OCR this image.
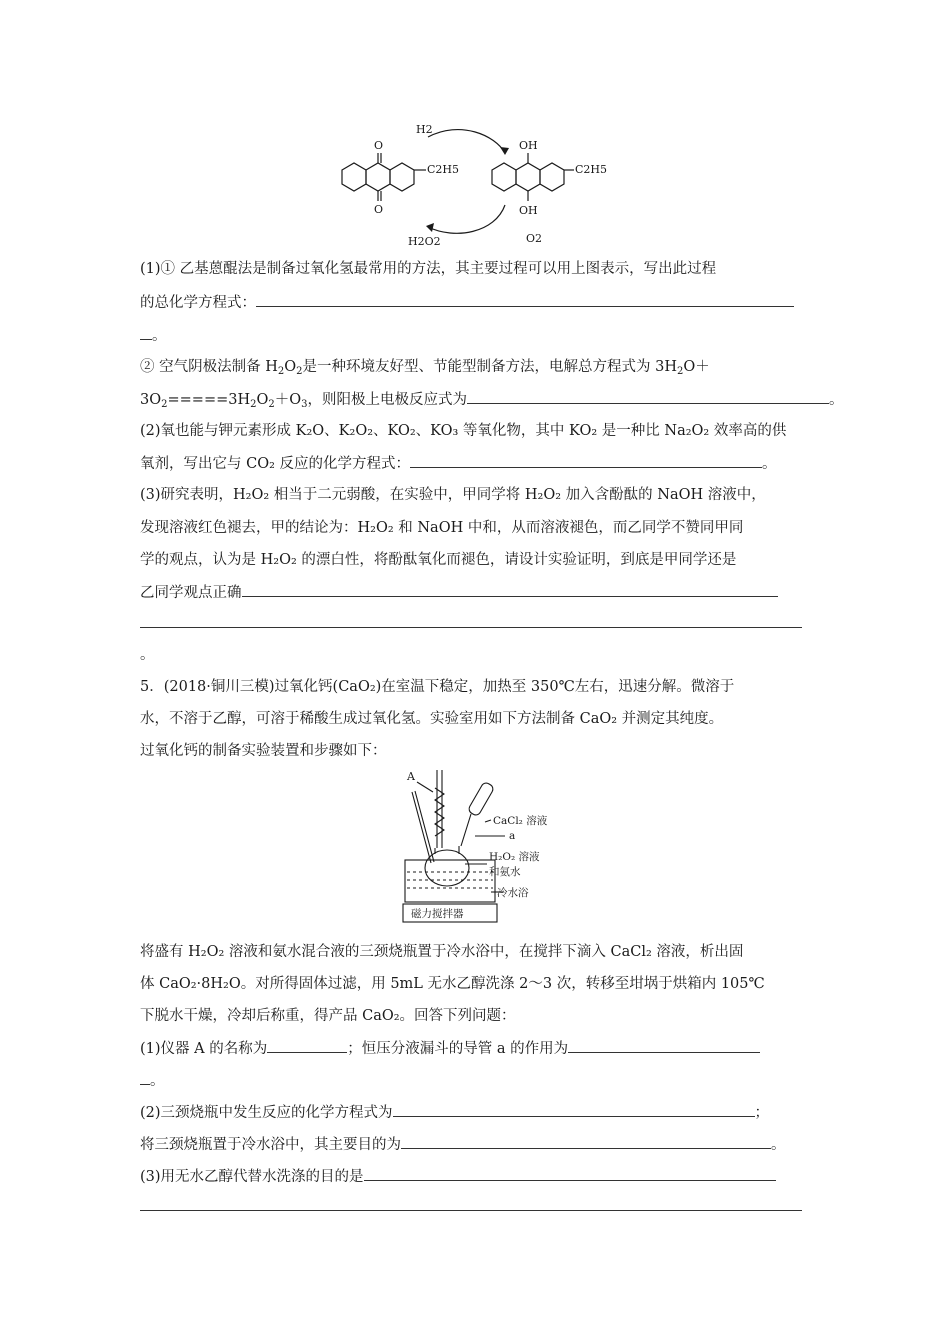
H2
O
O
C2H5
OH
OH
C2H5
H2O2	O2
(1)① 乙基蒽醌法是制备过氧化氢最常用的方法，其主要过程可以用上图表示，写出此过程
的总化学方程式：
。
② 空气阴极法制备 $H_2O_2$是一种环境友好型、节能型制备方法，电解总方程式为 $3H_2O+$
$3O_2=====3H_2O_2+O_3$，则阳极上电极反应式为	。
(2)氧也能与钾元素形成 K₂O、K₂O₂、KO₂、KO₃ 等氧化物，其中 KO₂ 是一种比 Na₂O₂ 效率高的供
氧剂，写出它与 CO₂ 反应的化学方程式：	。
(3)研究表明，H₂O₂ 相当于二元弱酸，在实验中，甲同学将 H₂O₂ 加入含酚酞的 NaOH 溶液中，
发现溶液红色褪去，甲的结论为：H₂O₂ 和 NaOH 中和，从而溶液褪色，而乙同学不赞同甲同
学的观点，认为是 H₂O₂ 的漂白性，将酚酞氧化而褪色，请设计实验证明，到底是甲同学还是
乙同学观点正确
。
5．(2018·铜川三模)过氧化钙(CaO₂)在室温下稳定，加热至 350℃左右，迅速分解。微溶于
水，不溶于乙醇，可溶于稀酸生成过氧化氢。实验室用如下方法制备 CaO₂ 并测定其纯度。
过氧化钙的制备实验装置和步骤如下：
A
CaCl₂ 溶液
a
H₂O₂ 溶液
和氨水
冷水浴
磁力搅拌器
将盛有 H₂O₂ 溶液和氨水混合液的三颈烧瓶置于冷水浴中，在搅拌下滴入 CaCl₂ 溶液，析出固
体 CaO₂·8H₂O。对所得固体过滤，用 5mL 无水乙醇洗涤 2～3 次，转移至坩埚于烘箱内 105℃
下脱水干燥，冷却后称重，得产品 CaO₂。回答下列问题：
(1)仪器 A 的名称为	；恒压分液漏斗的导管 a 的作用为
。
(2)三颈烧瓶中发生反应的化学方程式为	；
将三颈烧瓶置于冷水浴中，其主要目的为	。
(3)用无水乙醇代替水洗涤的目的是
